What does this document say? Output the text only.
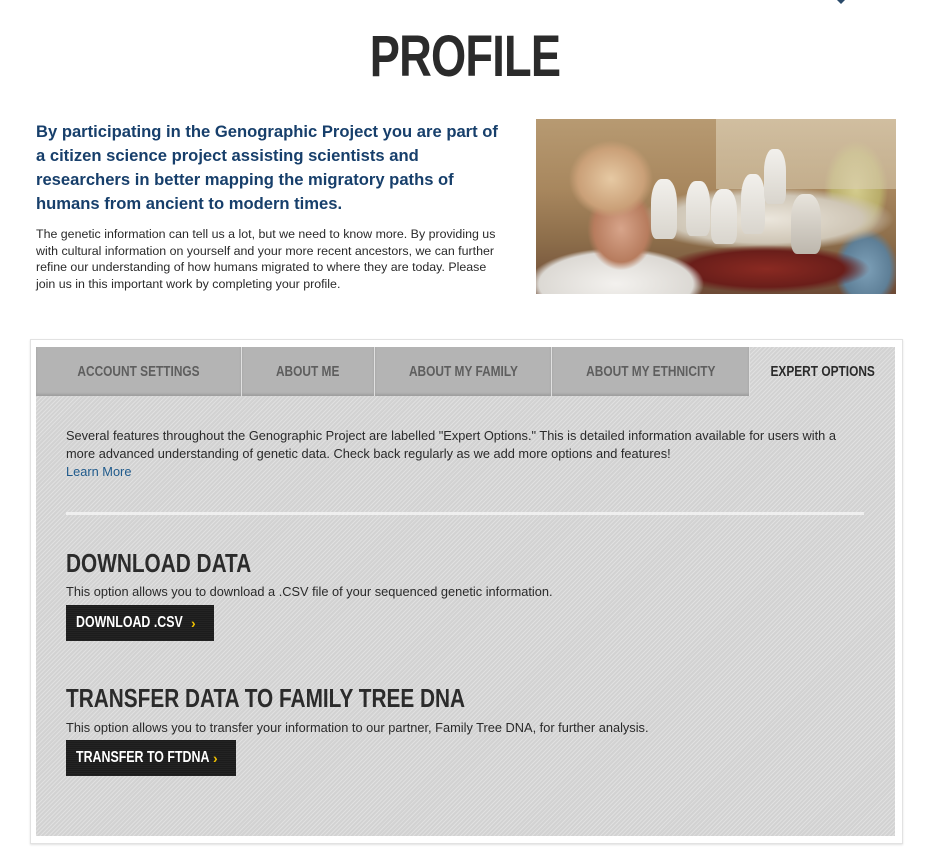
PROFILE

By participating in the Genographic Project you are part of a citizen science project assisting scientists and researchers in better mapping the migratory paths of humans from ancient to modern times.

The genetic information can tell us a lot, but we need to know more. By providing us with cultural information on yourself and your more recent ancestors, we can further refine our understanding of how humans migrated to where they are today. Please join us in this important work by completing your profile.

ACCOUNT SETTINGS	ABOUT ME	ABOUT MY FAMILY	ABOUT MY ETHNICITY	EXPERT OPTIONS

Several features throughout the Genographic Project are labelled "Expert Options." This is detailed information available for users with a more advanced understanding of genetic data. Check back regularly as we add more options and features!

Learn More
DOWNLOAD DATA

This option allows you to download a .CSV file of your sequenced genetic information.

DOWNLOAD .CSV ›
TRANSFER DATA TO FAMILY TREE DNA

This option allows you to transfer your information to our partner, Family Tree DNA, for further analysis.

TRANSFER TO FTDNA ›
